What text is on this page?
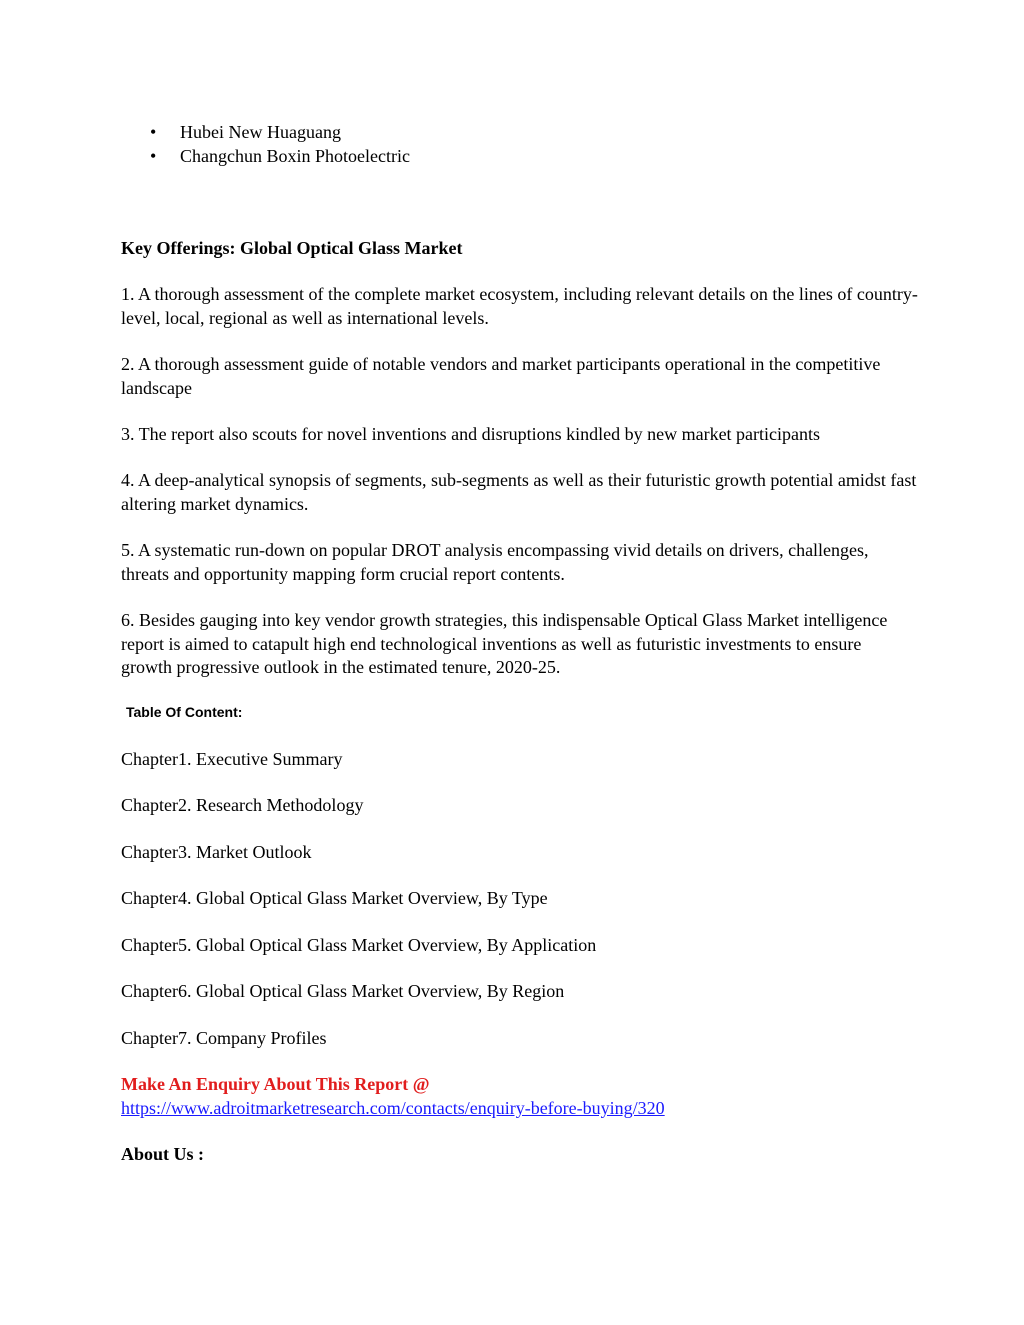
• Hubei New Huaguang
• Changchun Boxin Photoelectric

Key Offerings: Global Optical Glass Market

1. A thorough assessment of the complete market ecosystem, including relevant details on the lines of country-level, local, regional as well as international levels.

2. A thorough assessment guide of notable vendors and market participants operational in the competitive landscape

3. The report also scouts for novel inventions and disruptions kindled by new market participants

4. A deep-analytical synopsis of segments, sub-segments as well as their futuristic growth potential amidst fast altering market dynamics.

5. A systematic run-down on popular DROT analysis encompassing vivid details on drivers, challenges, threats and opportunity mapping form crucial report contents.

6. Besides gauging into key vendor growth strategies, this indispensable Optical Glass Market intelligence report is aimed to catapult high end technological inventions as well as futuristic investments to ensure growth progressive outlook in the estimated tenure, 2020-25.

Table Of Content:

Chapter1. Executive Summary

Chapter2. Research Methodology

Chapter3. Market Outlook

Chapter4. Global Optical Glass Market Overview, By Type

Chapter5. Global Optical Glass Market Overview, By Application

Chapter6. Global Optical Glass Market Overview, By Region

Chapter7. Company Profiles

Make An Enquiry About This Report @

https://www.adroitmarketresearch.com/contacts/enquiry-before-buying/320

About Us :
